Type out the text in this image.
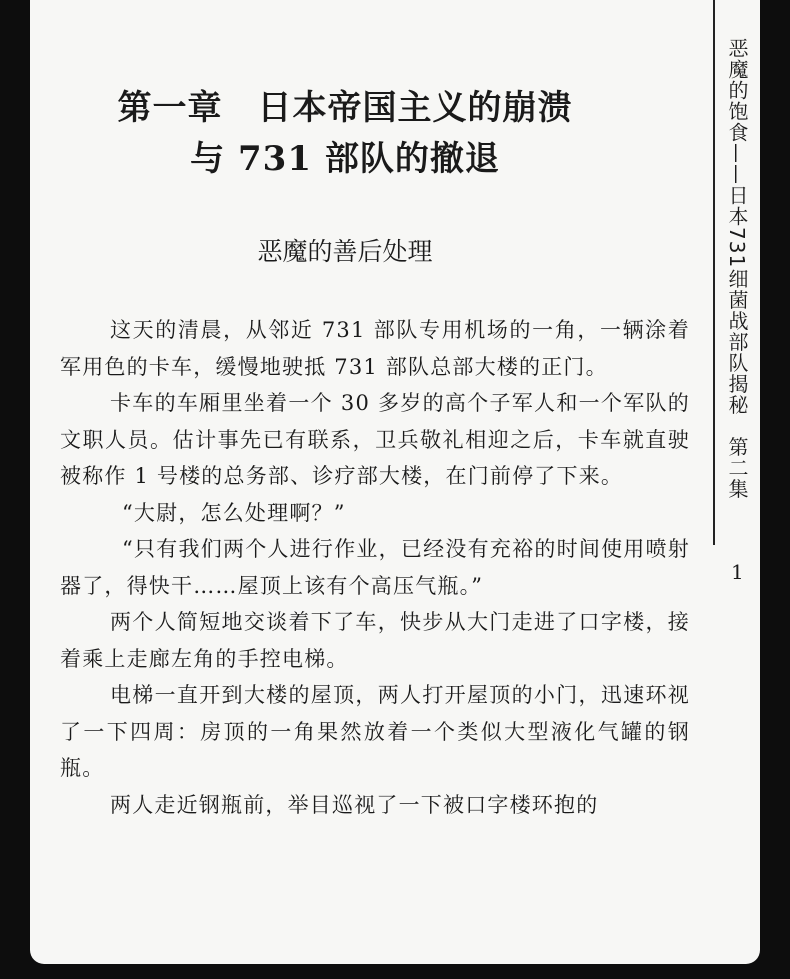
第一章　日本帝国主义的崩溃
与 731 部队的撤退
恶魔的善后处理

这天的清晨，从邻近 731 部队专用机场的一角，一辆涂着军用色的卡车，缓慢地驶抵 731 部队总部大楼的正门。

卡车的车厢里坐着一个 30 多岁的高个子军人和一个军队的文职人员。估计事先已有联系，卫兵敬礼相迎之后，卡车就直驶被称作 1 号楼的总务部、诊疗部大楼，在门前停了下来。

“大尉，怎么处理啊？”

“只有我们两个人进行作业，已经没有充裕的时间使用喷射器了，得快干……屋顶上该有个高压气瓶。”

两个人简短地交谈着下了车，快步从大门走进了口字楼，接着乘上走廊左角的手控电梯。

电梯一直开到大楼的屋顶，两人打开屋顶的小门，迅速环视了一下四周：房顶的一角果然放着一个类似大型液化气罐的钢瓶。

两人走近钢瓶前，举目巡视了一下被口字楼环抱的

恶魔的饱食——日本731细菌战部队揭秘　第二集
1
